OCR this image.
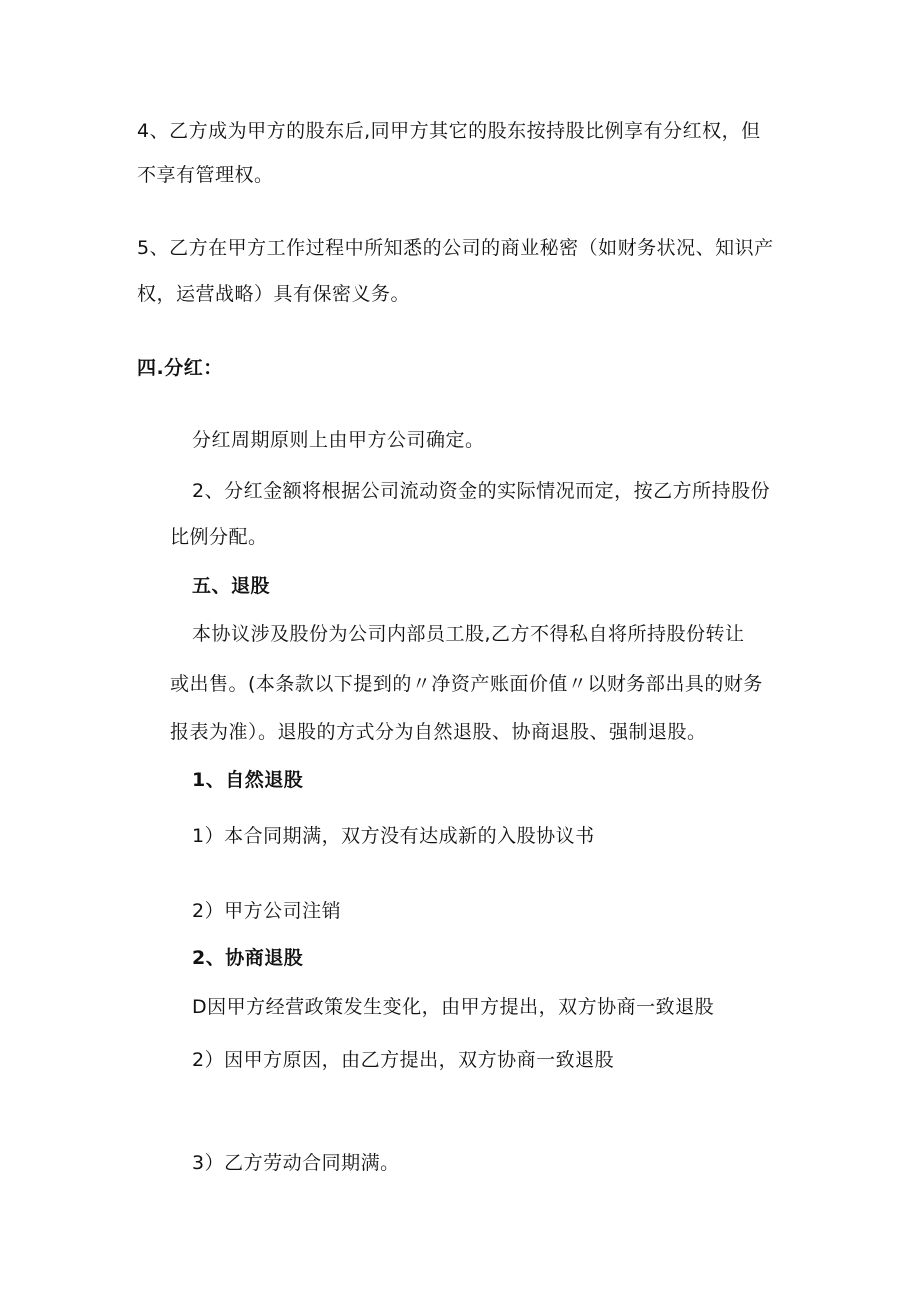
4、乙方成为甲方的股东后,同甲方其它的股东按持股比例享有分红权，但
不享有管理权。
5、乙方在甲方工作过程中所知悉的公司的商业秘密（如财务状况、知识产
权，运营战略）具有保密义务。
四.分红：
分红周期原则上由甲方公司确定。
2、分红金额将根据公司流动资金的实际情况而定，按乙方所持股份
比例分配。
五、退股
本协议涉及股份为公司内部员工股,乙方不得私自将所持股份转让
或出售。(本条款以下提到的〃净资产账面价值〃以财务部出具的财务
报表为准）。退股的方式分为自然退股、协商退股、强制退股。
1、自然退股
1）本合同期满，双方没有达成新的入股协议书
2）甲方公司注销
2、协商退股
D因甲方经营政策发生变化，由甲方提出，双方协商一致退股
2）因甲方原因，由乙方提出，双方协商一致退股
3）乙方劳动合同期满。
